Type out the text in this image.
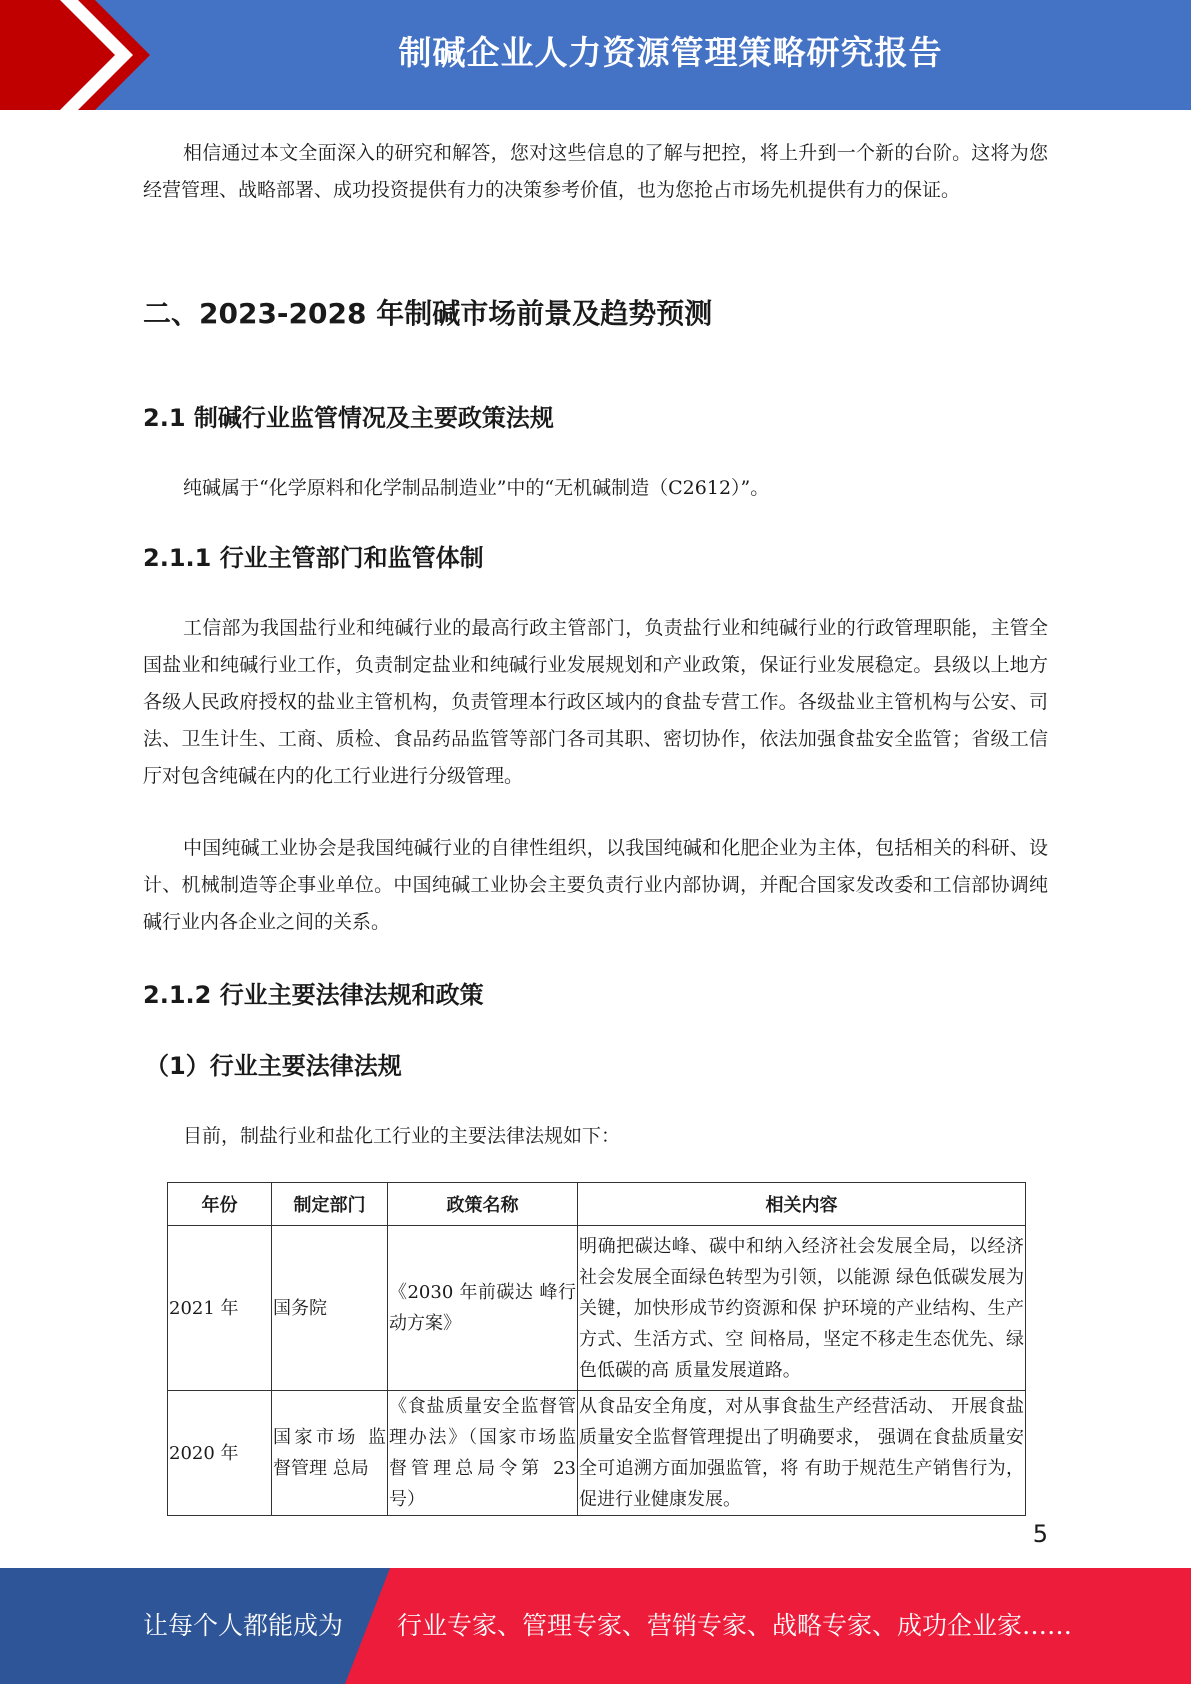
制碱企业人力资源管理策略研究报告

相信通过本文全面深入的研究和解答，您对这些信息的了解与把控，将上升到一个新的台阶。这将为您经营管理、战略部署、成功投资提供有力的决策参考价值，也为您抢占市场先机提供有力的保证。

二、2023-2028 年制碱市场前景及趋势预测
2.1 制碱行业监管情况及主要政策法规

纯碱属于“化学原料和化学制品制造业”中的“无机碱制造（C2612）”。

2.1.1 行业主管部门和监管体制

工信部为我国盐行业和纯碱行业的最高行政主管部门，负责盐行业和纯碱行业的行政管理职能，主管全国盐业和纯碱行业工作，负责制定盐业和纯碱行业发展规划和产业政策，保证行业发展稳定。县级以上地方各级人民政府授权的盐业主管机构，负责管理本行政区域内的食盐专营工作。各级盐业主管机构与公安、司法、卫生计生、工商、质检、食品药品监管等部门各司其职、密切协作，依法加强食盐安全监管；省级工信厅对包含纯碱在内的化工行业进行分级管理。

中国纯碱工业协会是我国纯碱行业的自律性组织，以我国纯碱和化肥企业为主体，包括相关的科研、设计、机械制造等企事业单位。中国纯碱工业协会主要负责行业内部协调，并配合国家发改委和工信部协调纯碱行业内各企业之间的关系。

2.1.2 行业主要法律法规和政策
（1）行业主要法律法规

目前，制盐行业和盐化工行业的主要法律法规如下：

年份	制定部门	政策名称	相关内容
2021 年	国务院	《2030 年前碳达 峰行动方案》	明确把碳达峰、碳中和纳入经济社会发展全局，以经济社会发展全面绿色转型为引领，以能源 绿色低碳发展为关键，加快形成节约资源和保 护环境的产业结构、生产方式、生活方式、空 间格局，坚定不移走生态优先、绿色低碳的高 质量发展道路。
2020 年	国家市场 监督管理 总局	《食盐质量安全监督管理办法》（国家市场监督管理总局令第 23 号）	从食品安全角度，对从事食盐生产经营活动、 开展食盐质量安全监督管理提出了明确要求， 强调在食盐质量安全可追溯方面加强监管，将 有助于规范生产销售行为，促进行业健康发展。
5
让每个人都能成为 行业专家、管理专家、营销专家、战略专家、成功企业家……
